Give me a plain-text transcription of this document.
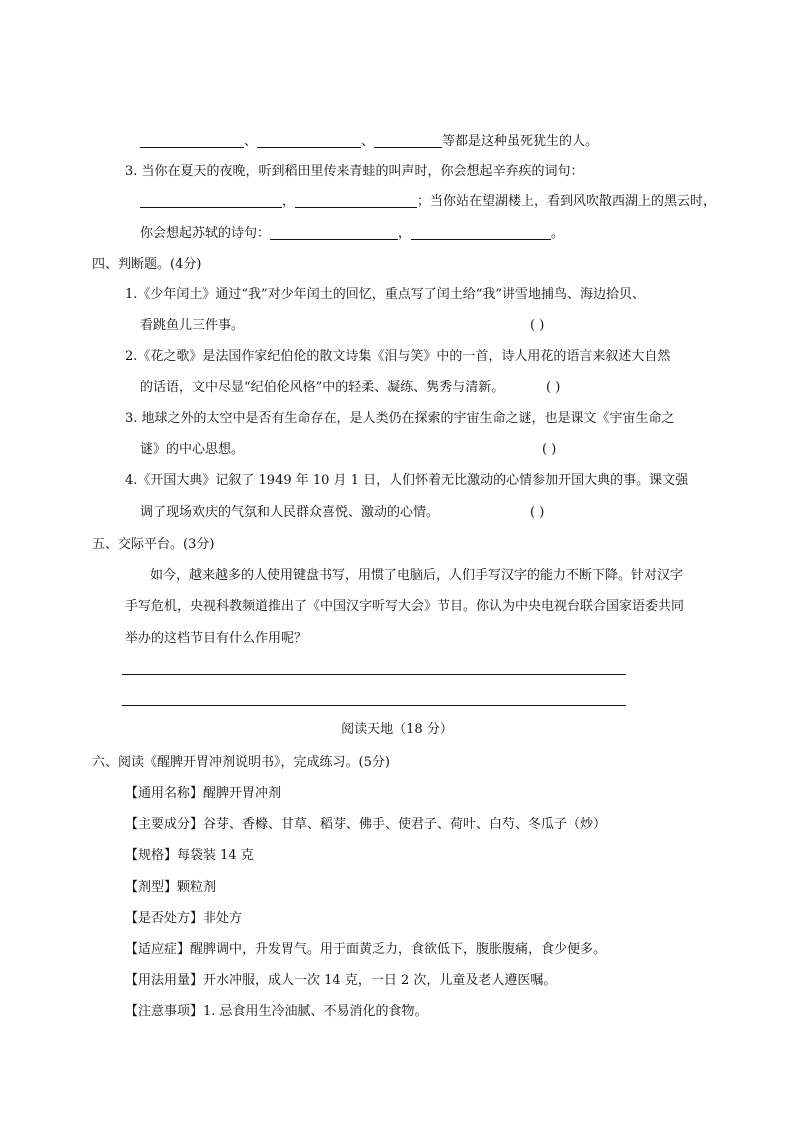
、	、	等都是这种虽死犹生的人。
3. 当你在夏天的夜晚，听到稻田里传来青蛙的叫声时，你会想起辛弃疾的词句：
，	；当你站在望湖楼上，看到风吹散西湖上的黑云时，
你会想起苏轼的诗句：	，	。
四、判断题。(4分)
1.《少年闰土》通过“我”对少年闰土的回忆，重点写了闰土给“我”讲雪地捕鸟、海边拾贝、
看跳鱼儿三件事。	( )
2.《花之歌》是法国作家纪伯伦的散文诗集《泪与笑》中的一首，诗人用花的语言来叙述大自然
的话语，文中尽显“纪伯伦风格”中的轻柔、凝练、隽秀与清新。	( )
3. 地球之外的太空中是否有生命存在，是人类仍在探索的宇宙生命之谜，也是课文《宇宙生命之
谜》的中心思想。	( )
4.《开国大典》记叙了 1949 年 10 月 1 日，人们怀着无比激动的心情参加开国大典的事。课文强
调了现场欢庆的气氛和人民群众喜悦、激动的心情。	( )
五、交际平台。(3分)
如今，越来越多的人使用键盘书写，用惯了电脑后，人们手写汉字的能力不断下降。针对汉字
手写危机，央视科教频道推出了《中国汉字听写大会》节目。你认为中央电视台联合国家语委共同
举办的这档节目有什么作用呢？
阅读天地（18 分）
六、阅读《醒脾开胃冲剂说明书》，完成练习。(5分)
【通用名称】醒脾开胃冲剂
【主要成分】谷芽、香橼、甘草、稻芽、佛手、使君子、荷叶、白芍、冬瓜子（炒）
【规格】每袋装 14 克
【剂型】颗粒剂
【是否处方】非处方
【适应症】醒脾调中，升发胃气。用于面黄乏力，食欲低下，腹胀腹痛，食少便多。
【用法用量】开水冲服，成人一次 14 克，一日 2 次，儿童及老人遵医嘱。
【注意事项】1. 忌食用生冷油腻、不易消化的食物。
